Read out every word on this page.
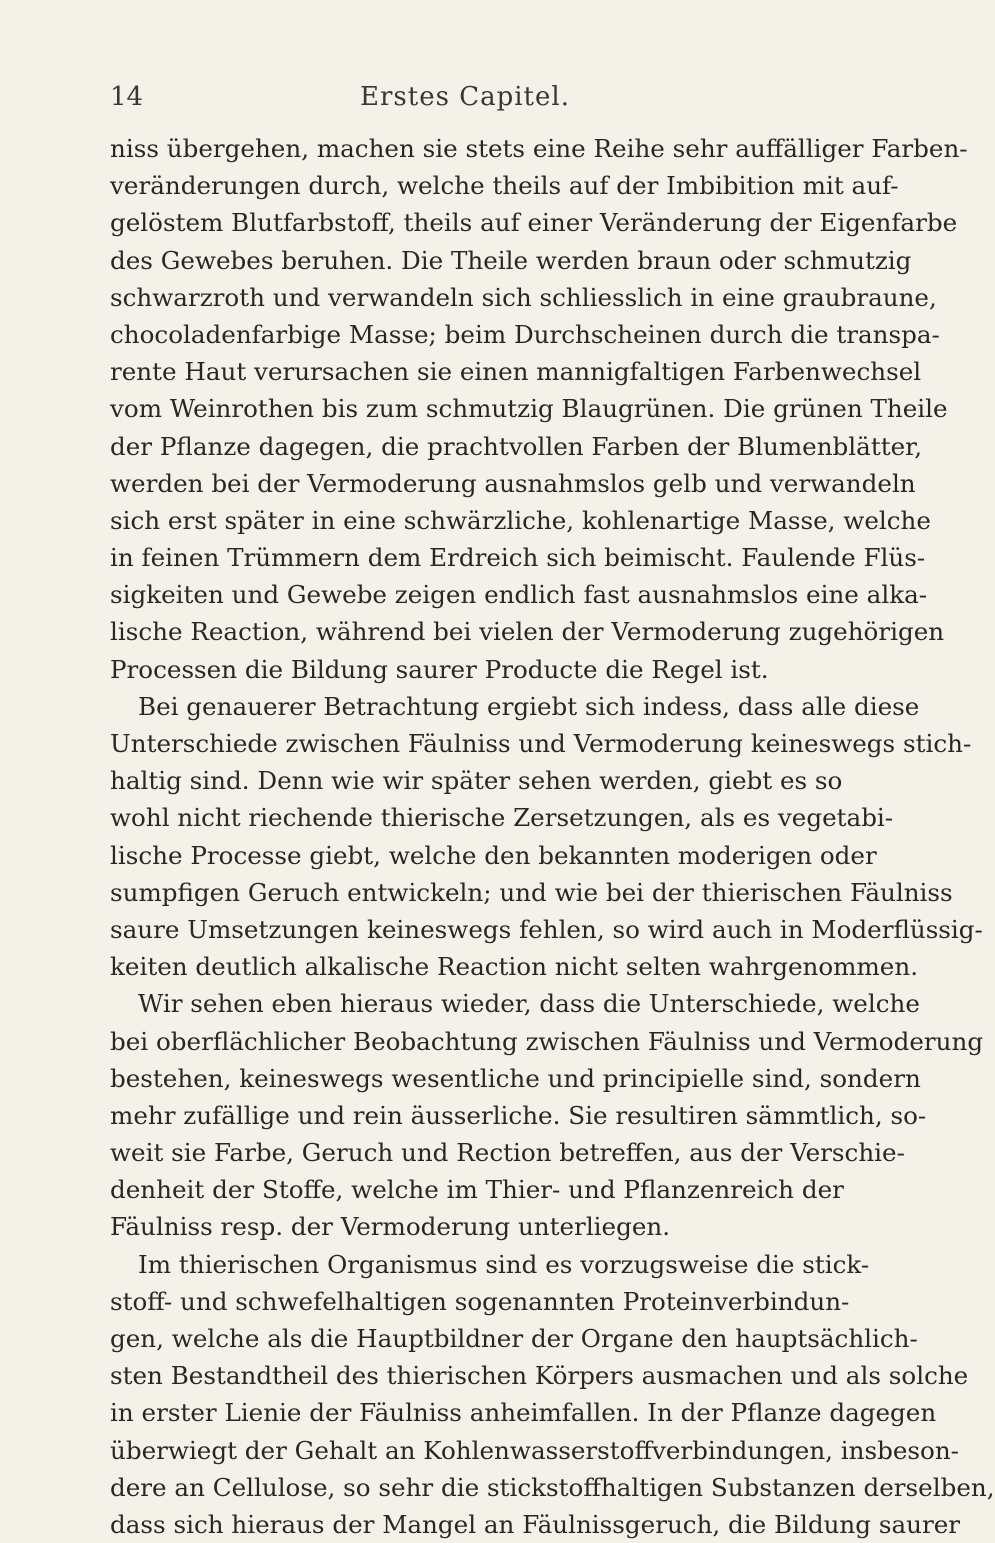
14	Erstes Capitel.
niss übergehen, machen sie stets eine Reihe sehr auffälliger Farben-
veränderungen durch, welche theils auf der Imbibition mit auf-
gelöstem Blutfarbstoff, theils auf einer Veränderung der Eigenfarbe
des Gewebes beruhen. Die Theile werden braun oder schmutzig
schwarzroth und verwandeln sich schliesslich in eine graubraune,
chocoladenfarbige Masse; beim Durchscheinen durch die transpa-
rente Haut verursachen sie einen mannigfaltigen Farbenwechsel
vom Weinrothen bis zum schmutzig Blaugrünen. Die grünen Theile
der Pflanze dagegen, die prachtvollen Farben der Blumenblätter,
werden bei der Vermoderung ausnahmslos gelb und verwandeln
sich erst später in eine schwärzliche, kohlenartige Masse, welche
in feinen Trümmern dem Erdreich sich beimischt. Faulende Flüs-
sigkeiten und Gewebe zeigen endlich fast ausnahmslos eine alka-
lische Reaction, während bei vielen der Vermoderung zugehörigen
Processen die Bildung saurer Producte die Regel ist.
Bei genauerer Betrachtung ergiebt sich indess, dass alle diese
Unterschiede zwischen Fäulniss und Vermoderung keineswegs stich-
haltig sind. Denn wie wir später sehen werden, giebt es so
wohl nicht riechende thierische Zersetzungen, als es vegetabi-
lische Processe giebt, welche den bekannten moderigen oder
sumpfigen Geruch entwickeln; und wie bei der thierischen Fäulniss
saure Umsetzungen keineswegs fehlen, so wird auch in Moderflüssig-
keiten deutlich alkalische Reaction nicht selten wahrgenommen.
Wir sehen eben hieraus wieder, dass die Unterschiede, welche
bei oberflächlicher Beobachtung zwischen Fäulniss und Vermoderung
bestehen, keineswegs wesentliche und principielle sind, sondern
mehr zufällige und rein äusserliche. Sie resultiren sämmtlich, so-
weit sie Farbe, Geruch und Rection betreffen, aus der Verschie-
denheit der Stoffe, welche im Thier- und Pflanzenreich der
Fäulniss resp. der Vermoderung unterliegen.
Im thierischen Organismus sind es vorzugsweise die stick-
stoff- und schwefelhaltigen sogenannten Proteinverbindun-
gen, welche als die Hauptbildner der Organe den hauptsächlich-
sten Bestandtheil des thierischen Körpers ausmachen und als solche
in erster Lienie der Fäulniss anheimfallen. In der Pflanze dagegen
überwiegt der Gehalt an Kohlenwasserstoffverbindungen, insbeson-
dere an Cellulose, so sehr die stickstoffhaltigen Substanzen derselben,
dass sich hieraus der Mangel an Fäulnissgeruch, die Bildung saurer
